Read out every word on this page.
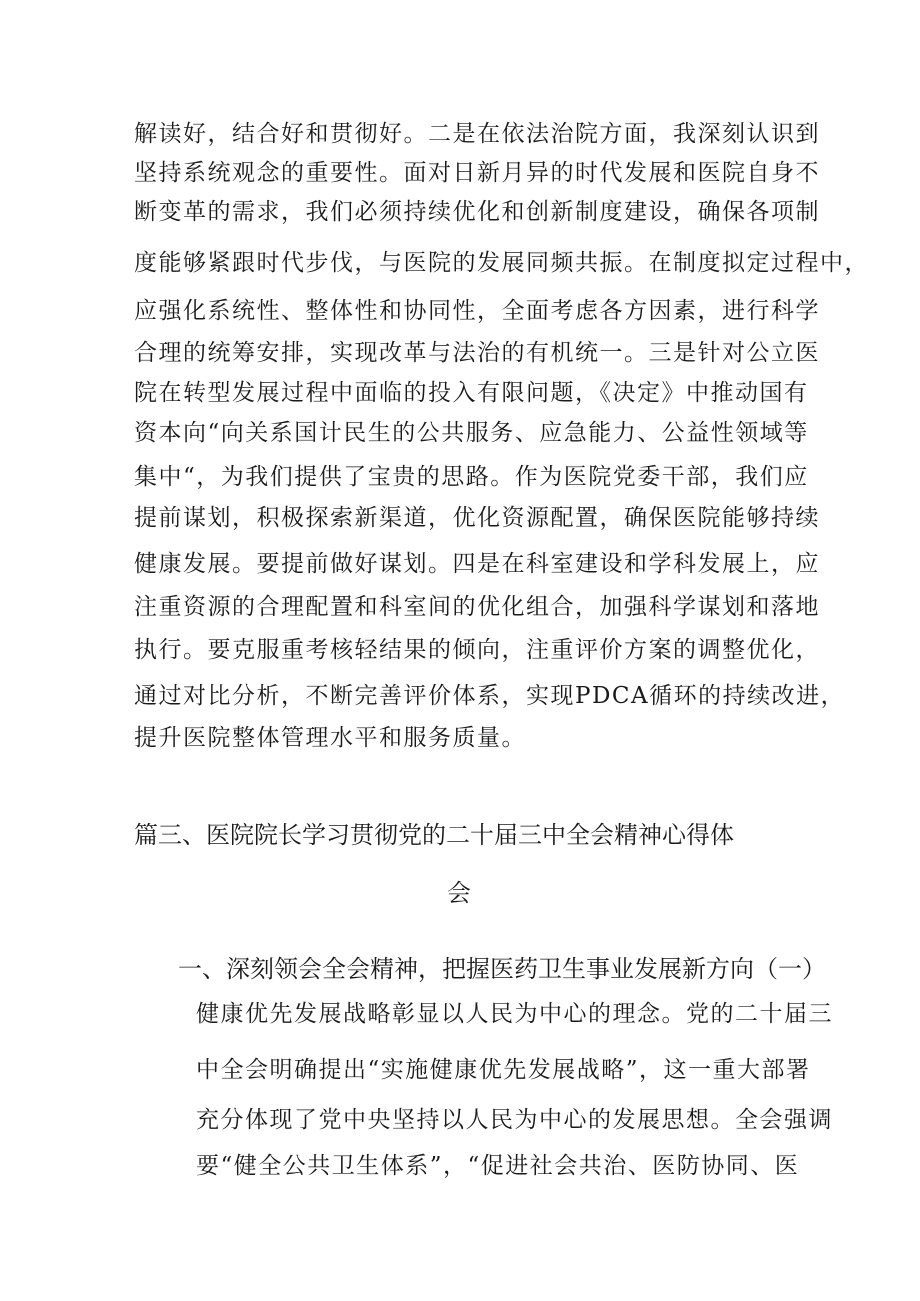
解读好，结合好和贯彻好。二是在依法治院方面，我深刻认识到
坚持系统观念的重要性。面对日新月异的时代发展和医院自身不
断变革的需求，我们必须持续优化和创新制度建设，确保各项制
度能够紧跟时代步伐，与医院的发展同频共振。在制度拟定过程中，
应强化系统性、整体性和协同性，全面考虑各方因素，进行科学
合理的统筹安排，实现改革与法治的有机统一。三是针对公立医
院在转型发展过程中面临的投入有限问题，《决定》中推动国有
资本向“向关系国计民生的公共服务、应急能力、公益性领域等
集中“，为我们提供了宝贵的思路。作为医院党委干部，我们应
提前谋划，积极探索新渠道，优化资源配置，确保医院能够持续
健康发展。要提前做好谋划。四是在科室建设和学科发展上，应
注重资源的合理配置和科室间的优化组合，加强科学谋划和落地
执行。要克服重考核轻结果的倾向，注重评价方案的调整优化，
通过对比分析，不断完善评价体系，实现PDCA循环的持续改进，
提升医院整体管理水平和服务质量。
篇三、医院院长学习贯彻党的二十届三中全会精神心得体
会
一、深刻领会全会精神，把握医药卫生事业发展新方向（一）
健康优先发展战略彰显以人民为中心的理念。党的二十届三
中全会明确提出“实施健康优先发展战略”，这一重大部署
充分体现了党中央坚持以人民为中心的发展思想。全会强调
要“健全公共卫生体系”，“促进社会共治、医防协同、医
